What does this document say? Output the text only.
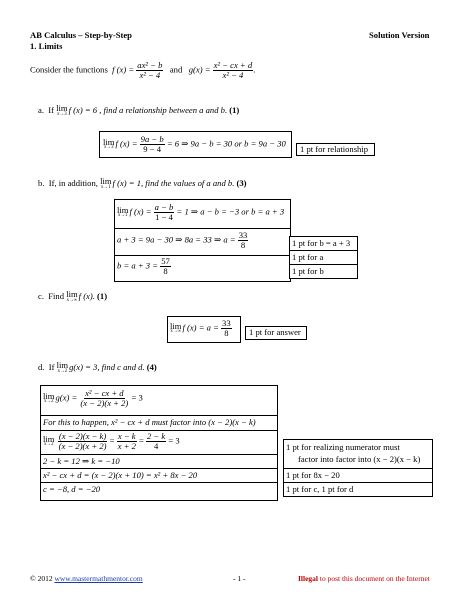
AB Calculus – Step-by-Step
1. Limits
Solution Version
Consider the functions f $(x) = \frac{\text{ax² − b}}{\text{x² − 4}}$ and $g(x) = \frac{\text{x² − cx + d}}{\text{x² − 4}}$ .
a. If lim
x→3 f (x) = 6 , find a relationship between a and b. (1)
lim
x→3 f $(x) = \frac{9a - b}{9 - 4} = 6$ ⇒ 9a − b = 30 or b = 9a − 30
1 pt for relationship
b. If, in addition, lim
x→1 f (x) = 1, find the values of a and b. (3)
lim
x→1 f $(x) = \frac{a - b}{1 - 4} = 1$ ⇒ a − b = −3 or b = a + 3
a + 3 = 9a − 30 ⇒ 8a = 33 ⇒ $a = \frac{33}{8}$
$b = a + 3 = \frac{57}{8}$
1 pt for b = a + 3
1 pt for a
1 pt for b
c. Find lim
x→∞ f (x). (1)
lim
x→∞ f $(x) = a = \frac{33}{8} 1$ pt for answer
d. If lim
x→2 g(x) = 3, find c and d. (4)
lim
x→2 $g(x) = \frac{\text{x² − cx + d}}{(x - 2)(x + 2)} = 3$
For this to happen, x² − cx + d must factor into (x − 2)(x − k)
lim
x→2
$\frac{(x - 2)(x - k)}{(x - 2)(x + 2)} = \frac{x - k}{x + 2} = \frac{2 - k}{4} = 3$
2 − k = 12 ⇒ k = −10
x² − cx + d = (x − 2)(x + 10) = x² + 8x − 20
c = −8, d = −20
1 pt for realizing numerator must
factor into factor into (x − 2)(x − k)
1 pt for 8x − 20
1 pt for c, 1 pt for d
© 2012 www.mastermathmentor.com	- 1 -	Illegal to post this document on the Internet
